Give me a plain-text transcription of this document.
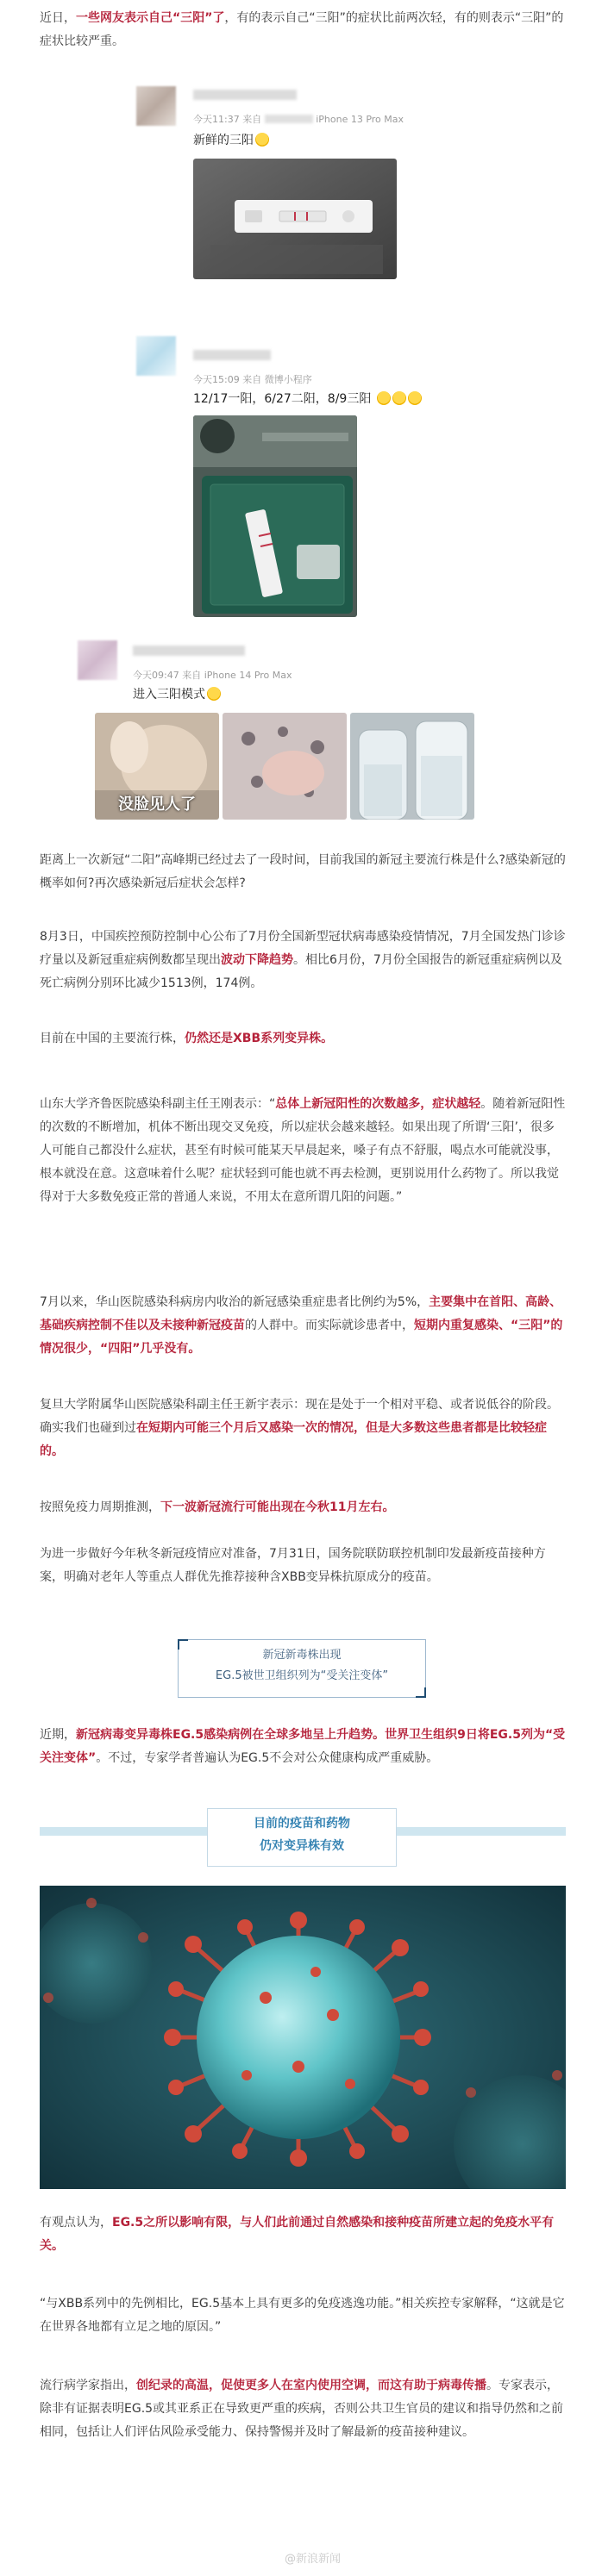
近日，一些网友表示自己“三阳”了，有的表示自己“三阳”的症状比前两次轻，有的则表示“三阳”的症状比较严重。

今天11:37 来自	iPhone 13 Pro Max
新鲜的三阳
今天15:09 来自 微博小程序
12/17一阳，6/27二阳，8/9三阳
今天09:47 来自 iPhone 14 Pro Max
进入三阳模式
没脸见人了

距离上一次新冠“二阳”高峰期已经过去了一段时间，目前我国的新冠主要流行株是什么?感染新冠的概率如何?再次感染新冠后症状会怎样?

8月3日，中国疾控预防控制中心公布了7月份全国新型冠状病毒感染疫情情况，7月全国发热门诊诊疗量以及新冠重症病例数都呈现出波动下降趋势。相比6月份，7月份全国报告的新冠重症病例以及死亡病例分别环比减少1513例，174例。

目前在中国的主要流行株，仍然还是XBB系列变异株。

山东大学齐鲁医院感染科副主任王刚表示：“总体上新冠阳性的次数越多，症状越轻。随着新冠阳性的次数的不断增加，机体不断出现交叉免疫，所以症状会越来越轻。如果出现了所谓‘三阳’，很多人可能自己都没什么症状，甚至有时候可能某天早晨起来，嗓子有点不舒服，喝点水可能就没事，根本就没在意。这意味着什么呢？症状轻到可能也就不再去检测，更别说用什么药物了。所以我觉得对于大多数免疫正常的普通人来说，不用太在意所谓几阳的问题。”

7月以来，华山医院感染科病房内收治的新冠感染重症患者比例约为5%，主要集中在首阳、高龄、基础疾病控制不佳以及未接种新冠疫苗的人群中。而实际就诊患者中，短期内重复感染、“三阳”的情况很少，“四阳”几乎没有。

复旦大学附属华山医院感染科副主任王新宇表示：现在是处于一个相对平稳、或者说低谷的阶段。确实我们也碰到过在短期内可能三个月后又感染一次的情况，但是大多数这些患者都是比较轻症的。

按照免疫力周期推测，下一波新冠流行可能出现在今秋11月左右。

为进一步做好今年秋冬新冠疫情应对准备，7月31日，国务院联防联控机制印发最新疫苗接种方案，明确对老年人等重点人群优先推荐接种含XBB变异株抗原成分的疫苗。

新冠新毒株出现
EG.5被世卫组织列为“受关注变体”

近期，新冠病毒变异毒株EG.5感染病例在全球多地呈上升趋势。世界卫生组织9日将EG.5列为“受关注变体”。不过，专家学者普遍认为EG.5不会对公众健康构成严重威胁。

目前的疫苗和药物
仍对变异株有效

有观点认为，EG.5之所以影响有限，与人们此前通过自然感染和接种疫苗所建立起的免疫水平有关。

“与XBB系列中的先例相比，EG.5基本上具有更多的免疫逃逸功能。”相关疾控专家解释，“这就是它在世界各地都有立足之地的原因。”

流行病学家指出，创纪录的高温，促使更多人在室内使用空调，而这有助于病毒传播。专家表示，除非有证据表明EG.5或其亚系正在导致更严重的疾病，否则公共卫生官员的建议和指导仍然和之前相同，包括让人们评估风险承受能力、保持警惕并及时了解最新的疫苗接种建议。

@新浪新闻
